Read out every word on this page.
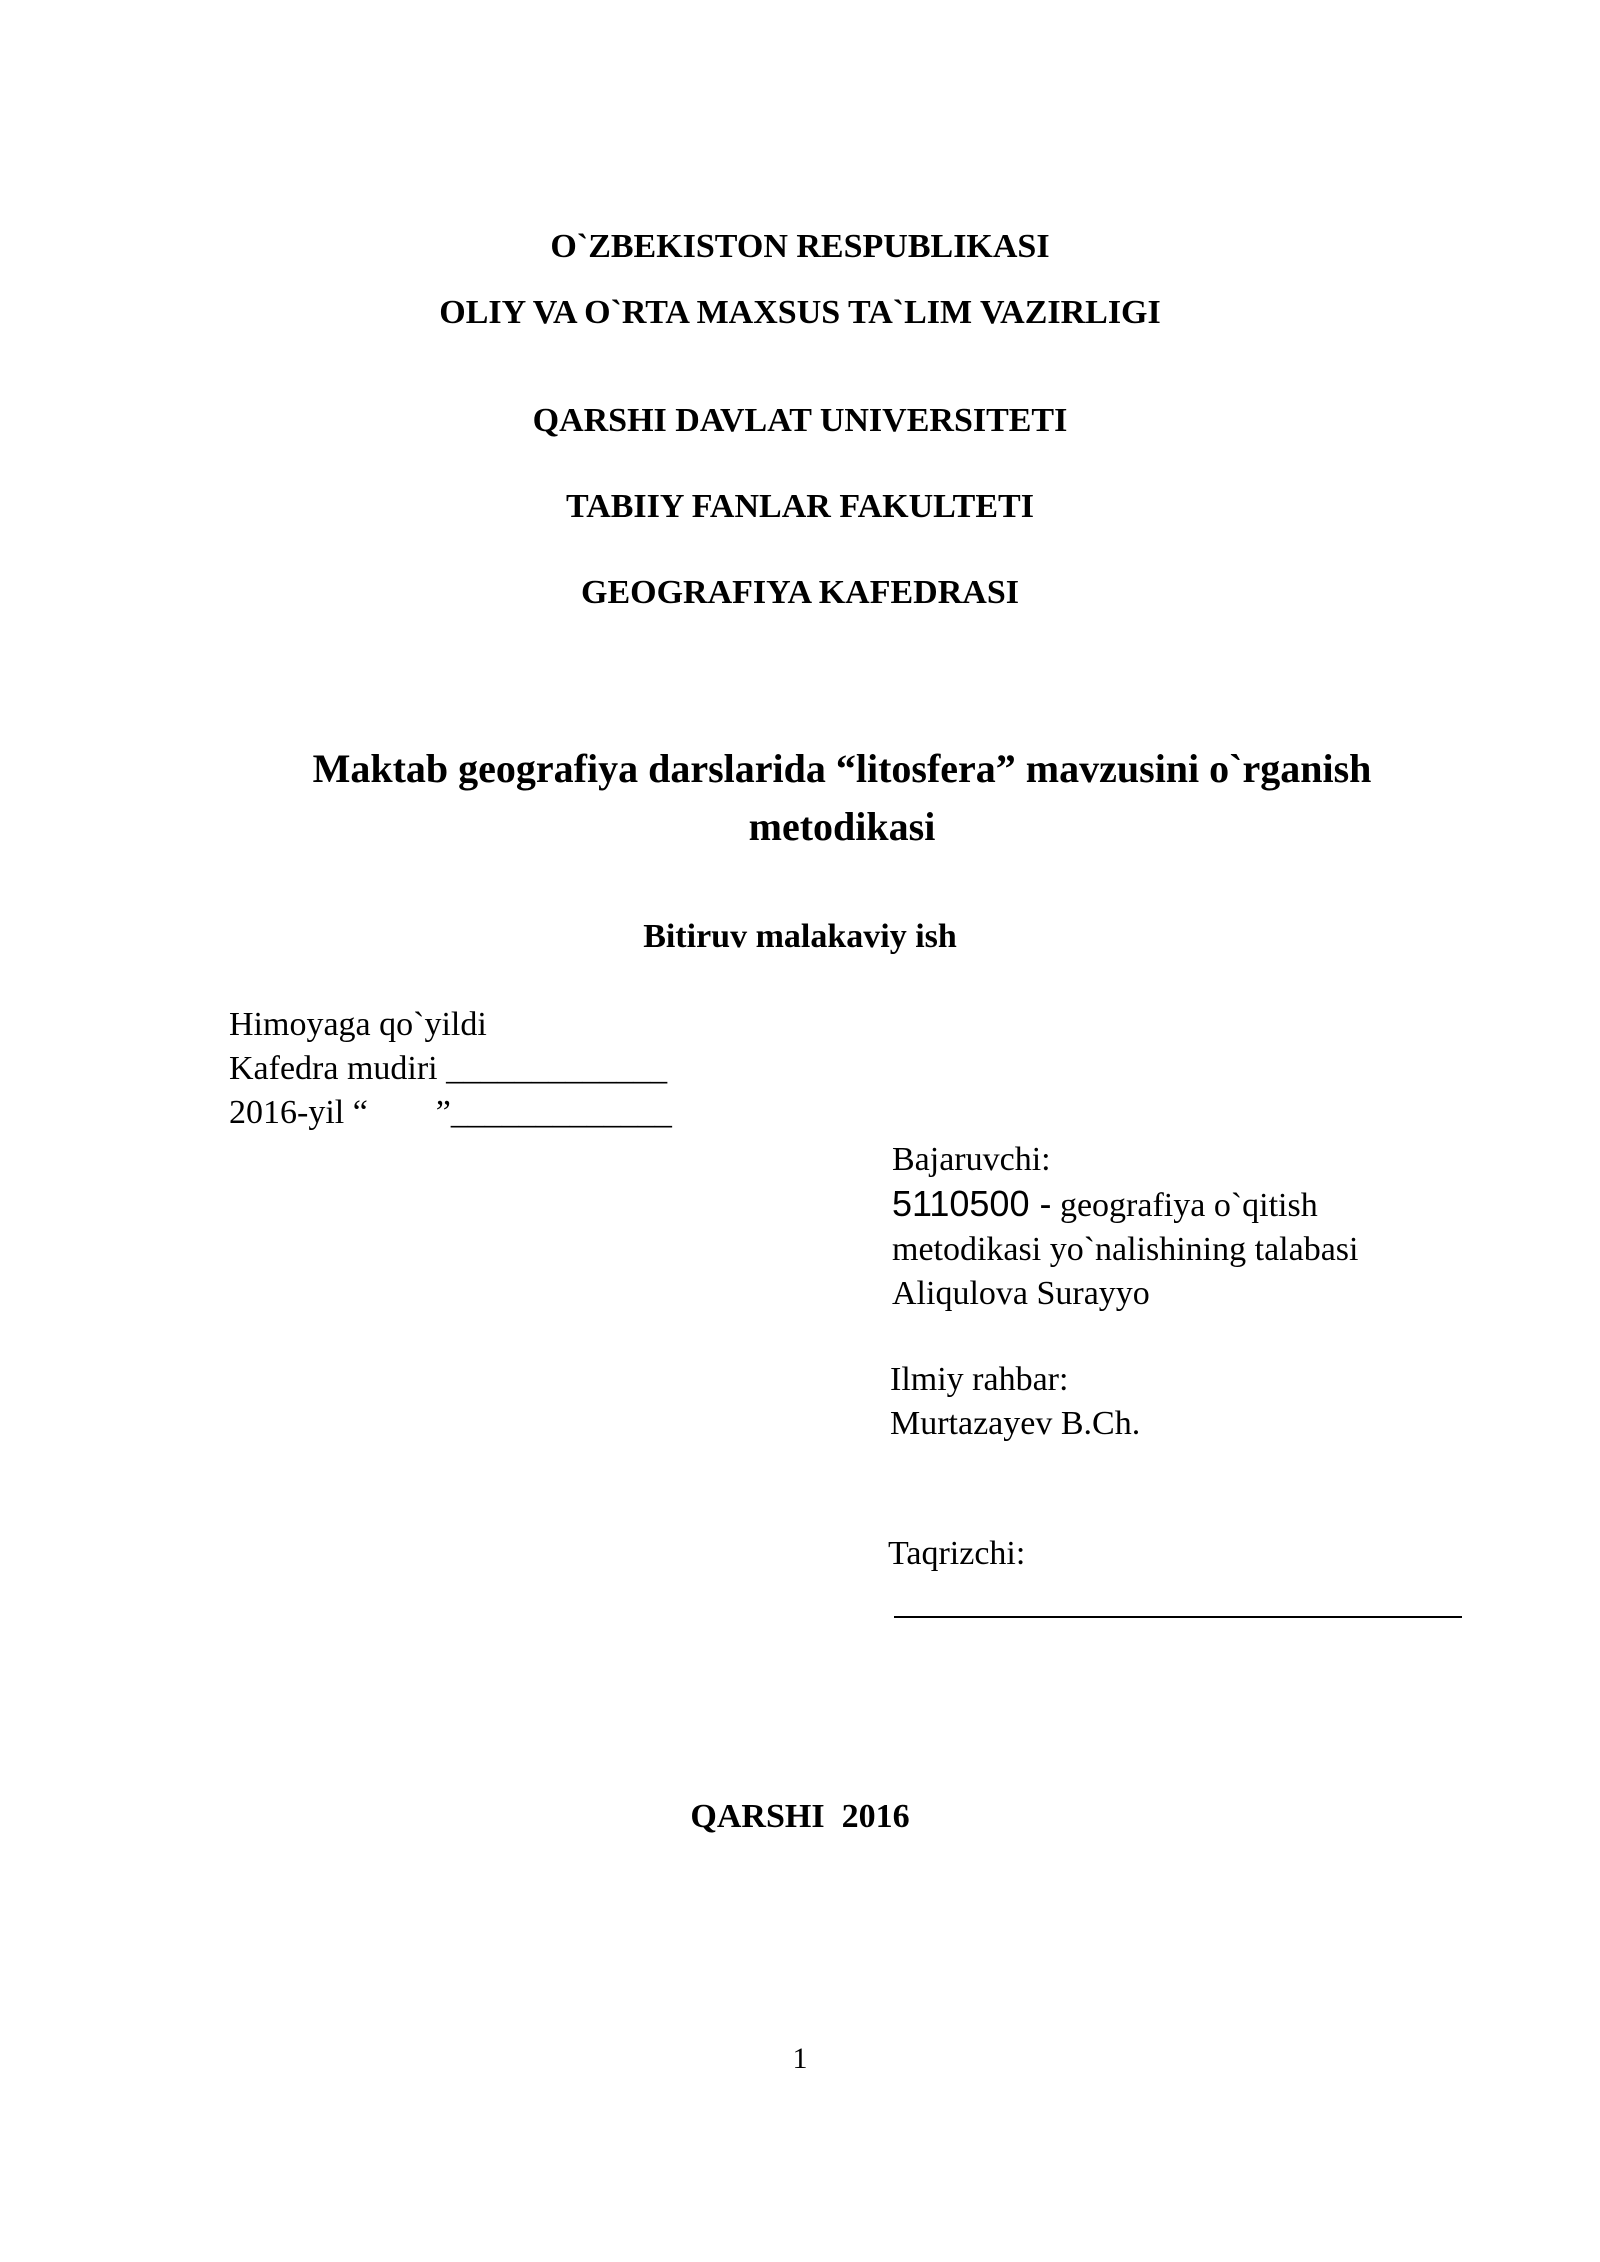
O`ZBEKISTON RESPUBLIKASI
OLIY VA O`RTA MAXSUS TA`LIM VAZIRLIGI
QARSHI DAVLAT UNIVERSITETI
TABIIY FANLAR FAKULTETI
GEOGRAFIYA KAFEDRASI
Maktab geografiya darslarida “litosfera” mavzusini o`rganish
metodikasi
Bitiruv malakaviy ish
Himoyaga qo`yildi
Kafedra mudiri _____________
2016-yil “        ”_____________
Bajaruvchi:
5110500 - geografiya o`qitish
metodikasi yo`nalishining talabasi
Aliqulova Surayyo
Ilmiy rahbar:
Murtazayev B.Ch.
Taqrizchi:
QARSHI  2016
1
